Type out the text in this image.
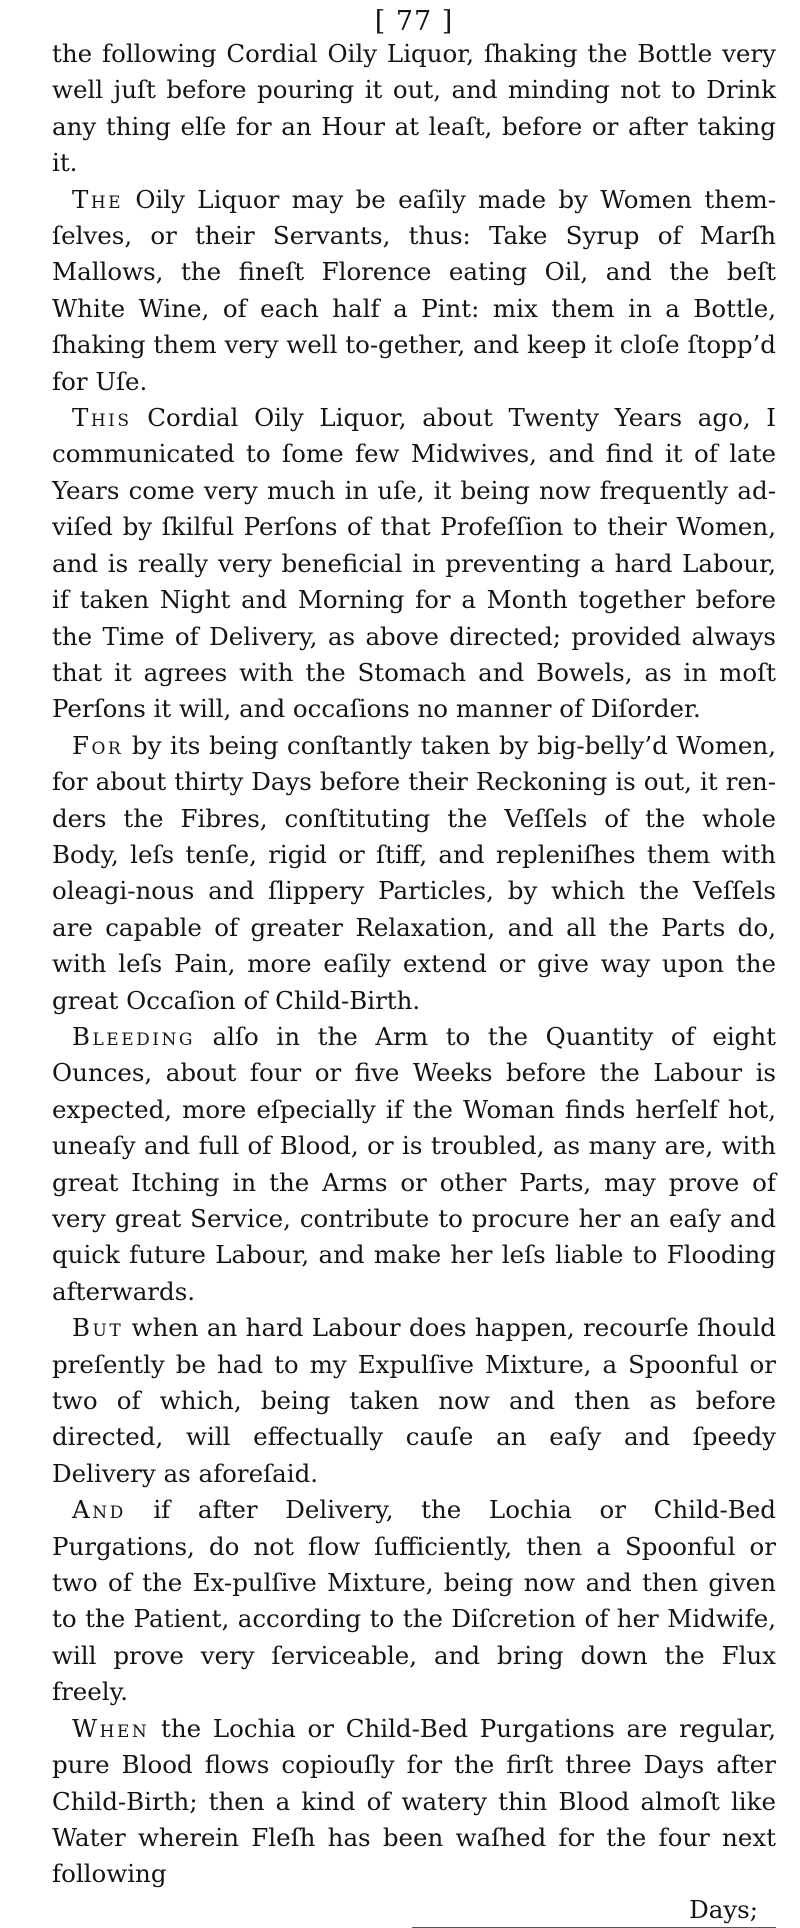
[ 77 ]

the following Cordial Oily Liquor, ſhaking the Bottle very well juſt before pouring it out, and minding not to Drink any thing elſe for an Hour at leaſt, before or after taking it.

The Oily Liquor may be eaſily made by Women them-ſelves, or their Servants, thus: Take Syrup of Marſh Mallows, the fineſt Florence eating Oil, and the beſt White Wine, of each half a Pint: mix them in a Bottle, ſhaking them very well to-gether, and keep it cloſe ſtopp’d for Uſe.

This Cordial Oily Liquor, about Twenty Years ago, I communicated to ſome few Midwives, and find it of late Years come very much in uſe, it being now frequently ad-viſed by ſkilful Perſons of that Profeſſion to their Women, and is really very beneficial in preventing a hard Labour, if taken Night and Morning for a Month together before the Time of Delivery, as above directed; provided always that it agrees with the Stomach and Bowels, as in moſt Perſons it will, and occaſions no manner of Diſorder.

For by its being conſtantly taken by big-belly’d Women, for about thirty Days before their Reckoning is out, it ren-ders the Fibres, conſtituting the Veſſels of the whole Body, leſs tenſe, rigid or ſtiff, and repleniſhes them with oleagi-nous and ſlippery Particles, by which the Veſſels are capable of greater Relaxation, and all the Parts do, with leſs Pain, more eaſily extend or give way upon the great Occaſion of Child-Birth.

Bleeding alſo in the Arm to the Quantity of eight Ounces, about four or five Weeks before the Labour is expected, more eſpecially if the Woman finds herſelf hot, uneaſy and full of Blood, or is troubled, as many are, with great Itching in the Arms or other Parts, may prove of very great Service, contribute to procure her an eaſy and quick future Labour, and make her leſs liable to Flooding afterwards.

But when an hard Labour does happen, recourſe ſhould preſently be had to my Expulſive Mixture, a Spoonful or two of which, being taken now and then as before directed, will effectually cauſe an eaſy and ſpeedy Delivery as aforeſaid.

And if after Delivery, the Lochia or Child-Bed Purgations, do not flow ſufficiently, then a Spoonful or two of the Ex-pulſive Mixture, being now and then given to the Patient, according to the Diſcretion of her Midwife, will prove very ſerviceable, and bring down the Flux freely.

When the Lochia or Child-Bed Purgations are regular, pure Blood flows copiouſly for the firſt three Days after Child-Birth; then a kind of watery thin Blood almoſt like Water wherein Fleſh has been waſhed for the four next following

Days;
